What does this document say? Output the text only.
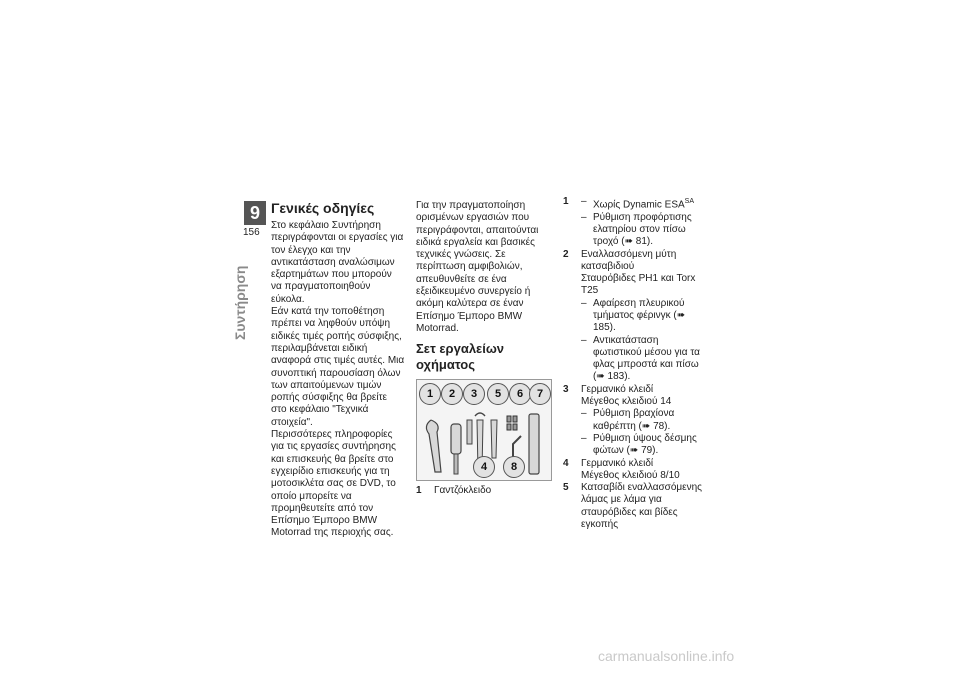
9
156
Συντήρηση

Γενικές οδηγίες

Στο κεφάλαιο Συντήρηση περιγράφονται οι εργασίες για τον έλεγχο και την αντικατάσταση αναλώσιμων εξαρτημάτων που μπορούν να πραγματοποιηθούν εύκολα.

Εάν κατά την τοποθέτηση πρέπει να ληφθούν υπόψη ειδικές τιμές ροπής σύσφιξης, περιλαμβάνεται ειδική αναφορά στις τιμές αυτές. Μια συνοπτική παρουσίαση όλων των απαιτούμενων τιμών ροπής σύσφιξης θα βρείτε στο κεφάλαιο "Τεχνικά στοιχεία".

Περισσότερες πληροφορίες για τις εργασίες συντήρησης και επισκευής θα βρείτε στο εγχειρίδιο επισκευής για τη μοτοσικλέτα σας σε DVD, το οποίο μπορείτε να προμηθευτείτε από τον Επίσημο Έμπορο BMW Motorrad της περιοχής σας.

Για την πραγματοποίηση ορισμένων εργασιών που περιγράφονται, απαιτούνται ειδικά εργαλεία και βασικές τεχνικές γνώσεις. Σε περίπτωση αμφιβολιών, απευθυνθείτε σε ένα εξειδικευμένο συνεργείο ή ακόμη καλύτερα σε έναν Επίσημο Έμπορο BMW Motorrad.

Σετ εργαλείων οχήματος

1	2	3	5	6	7
4	8

1	Γαντζόκλειδο

1	– Χωρίς Dynamic $ESA^{SA}$
– Ρύθμιση προφόρτισης ελατηρίου στον πίσω τροχό (➠ 81).
2	Εναλλασσόμενη μύτη κατσαβιδιού
Σταυρόβιδες PH1 και Torx T25
– Αφαίρεση πλευρικού τμήματος φέρινγκ (➠ 185).
– Αντικατάσταση φωτιστικού μέσου για τα φλας μπροστά και πίσω (➠ 183).
3	Γερμανικό κλειδί
Μέγεθος κλειδιού 14
– Ρύθμιση βραχίονα καθρέπτη (➠ 78).
– Ρύθμιση ύψους δέσμης φώτων (➠ 79).
4	Γερμανικό κλειδί
Μέγεθος κλειδιού 8/10
5	Κατσαβίδι εναλλασσόμενης λάμας με λάμα για σταυρόβιδες και βίδες εγκοπής
carmanualsonline.info
